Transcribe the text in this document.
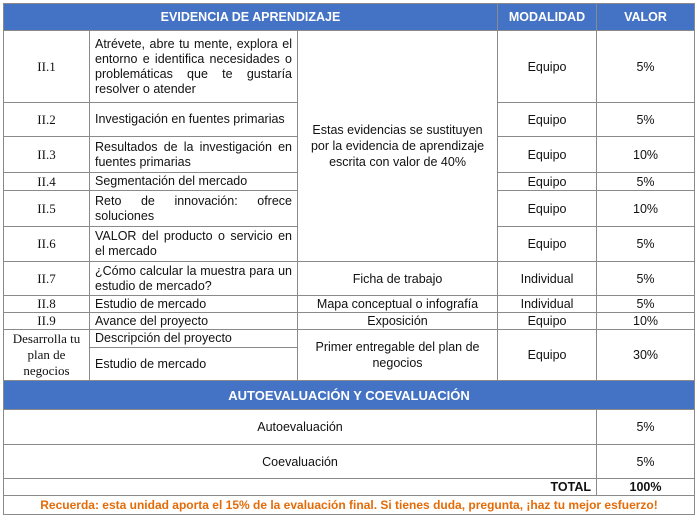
EVIDENCIA DE APRENDIZAJE			MODALIDAD	VALOR
II.1	Atrévete, abre tu mente, explora el entorno e identifica necesidades o problemáticas que te gustaría resolver o atender	Estas evidencias se sustituyen por la evidencia de aprendizaje escrita con valor de 40%	Equipo	5%
II.2	Investigación en fuentes primarias		Equipo	5%
II.3	Resultados de la investigación en fuentes primarias		Equipo	10%
II.4	Segmentación del mercado		Equipo	5%
II.5	Reto de innovación: ofrece soluciones		Equipo	10%
II.6	VALOR del producto o servicio en el mercado		Equipo	5%
II.7	¿Cómo calcular la muestra para un estudio de mercado?	Ficha de trabajo	Individual	5%
II.8	Estudio de mercado	Mapa conceptual o infografía	Individual	5%
II.9	Avance del proyecto	Exposición	Equipo	10%
Desarrolla tu plan de negocios	Descripción del proyecto	Primer entregable del plan de negocios	Equipo	30%
	Estudio de mercado			
AUTOEVALUACIÓN Y COEVALUACIÓN				
Autoevaluación				5%
Coevaluación				5%
TOTAL				100%
Recuerda: esta unidad aporta el 15% de la evaluación final. Si tienes duda, pregunta, ¡haz tu mejor esfuerzo!				
